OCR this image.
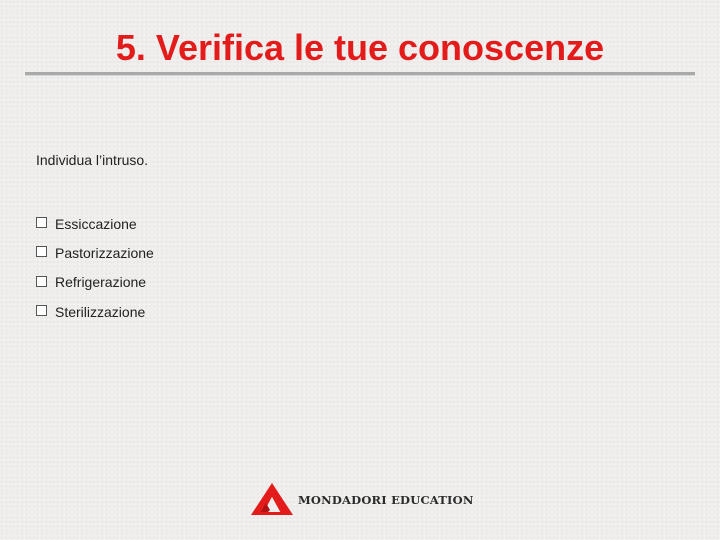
5. Verifica le tue conoscenze
Individua l’intruso.
Essiccazione
Pastorizzazione
Refrigerazione
Sterilizzazione
MONDADORI EDUCATION
